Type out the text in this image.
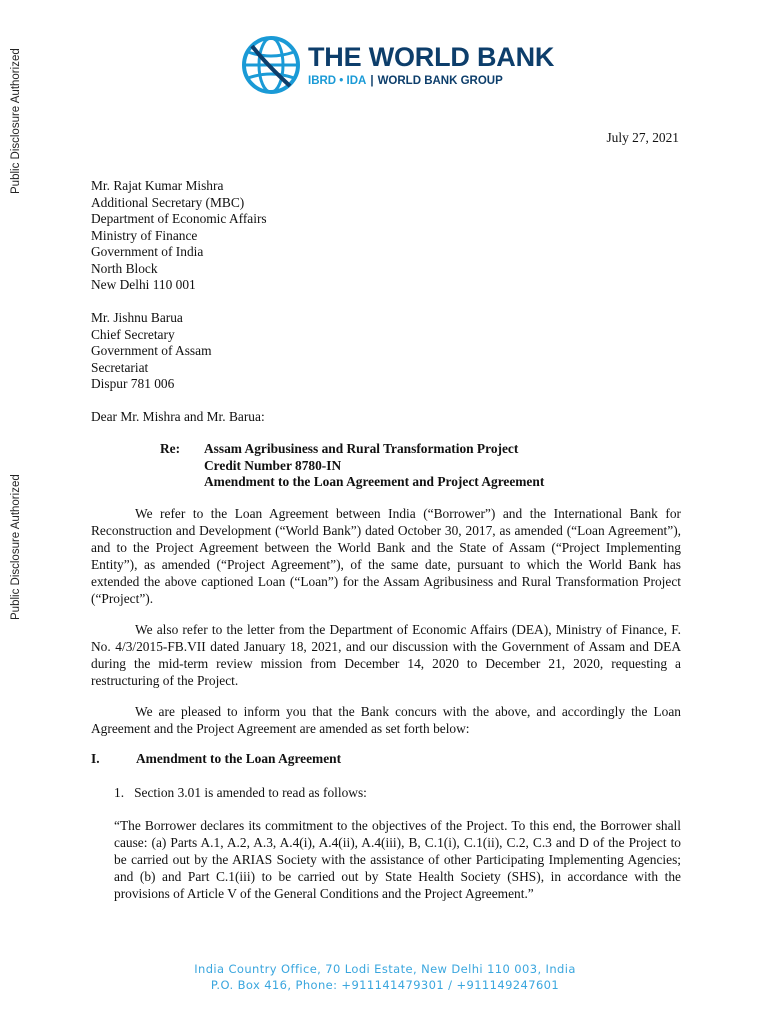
Public Disclosure Authorized
Public Disclosure Authorized
THE WORLD BANK
IBRD • IDA | WORLD BANK GROUP
July 27, 2021
Mr. Rajat Kumar Mishra
Additional Secretary (MBC)
Department of Economic Affairs
Ministry of Finance
Government of India
North Block
New Delhi 110 001
Mr. Jishnu Barua
Chief Secretary
Government of Assam
Secretariat
Dispur 781 006
Dear Mr. Mishra and Mr. Barua:
Re: Assam Agribusiness and Rural Transformation Project
Credit Number 8780-IN
Amendment to the Loan Agreement and Project Agreement
We refer to the Loan Agreement between India (“Borrower”) and the International Bank for Reconstruction and Development (“World Bank”) dated October 30, 2017, as amended (“Loan Agreement”), and to the Project Agreement between the World Bank and the State of Assam (“Project Implementing Entity”), as amended (“Project Agreement”), of the same date, pursuant to which the World Bank has extended the above captioned Loan (“Loan”) for the Assam Agribusiness and Rural Transformation Project (“Project”).
We also refer to the letter from the Department of Economic Affairs (DEA), Ministry of Finance, F. No. 4/3/2015-FB.VII dated January 18, 2021, and our discussion with the Government of Assam and DEA during the mid-term review mission from December 14, 2020 to December 21, 2020, requesting a restructuring of the Project.
We are pleased to inform you that the Bank concurs with the above, and accordingly the Loan Agreement and the Project Agreement are amended as set forth below:
I.	Amendment to the Loan Agreement
1.   Section 3.01 is amended to read as follows:
“The Borrower declares its commitment to the objectives of the Project. To this end, the Borrower shall cause: (a) Parts A.1, A.2, A.3, A.4(i), A.4(ii), A.4(iii), B, C.1(i), C.1(ii), C.2, C.3 and D of the Project to be carried out by the ARIAS Society with the assistance of other Participating Implementing Agencies; and (b) and Part C.1(iii) to be carried out by State Health Society (SHS), in accordance with the provisions of Article V of the General Conditions and the Project Agreement.”
India Country Office, 70 Lodi Estate, New Delhi 110 003, India
P.O. Box 416, Phone: +911141479301 / +911149247601
